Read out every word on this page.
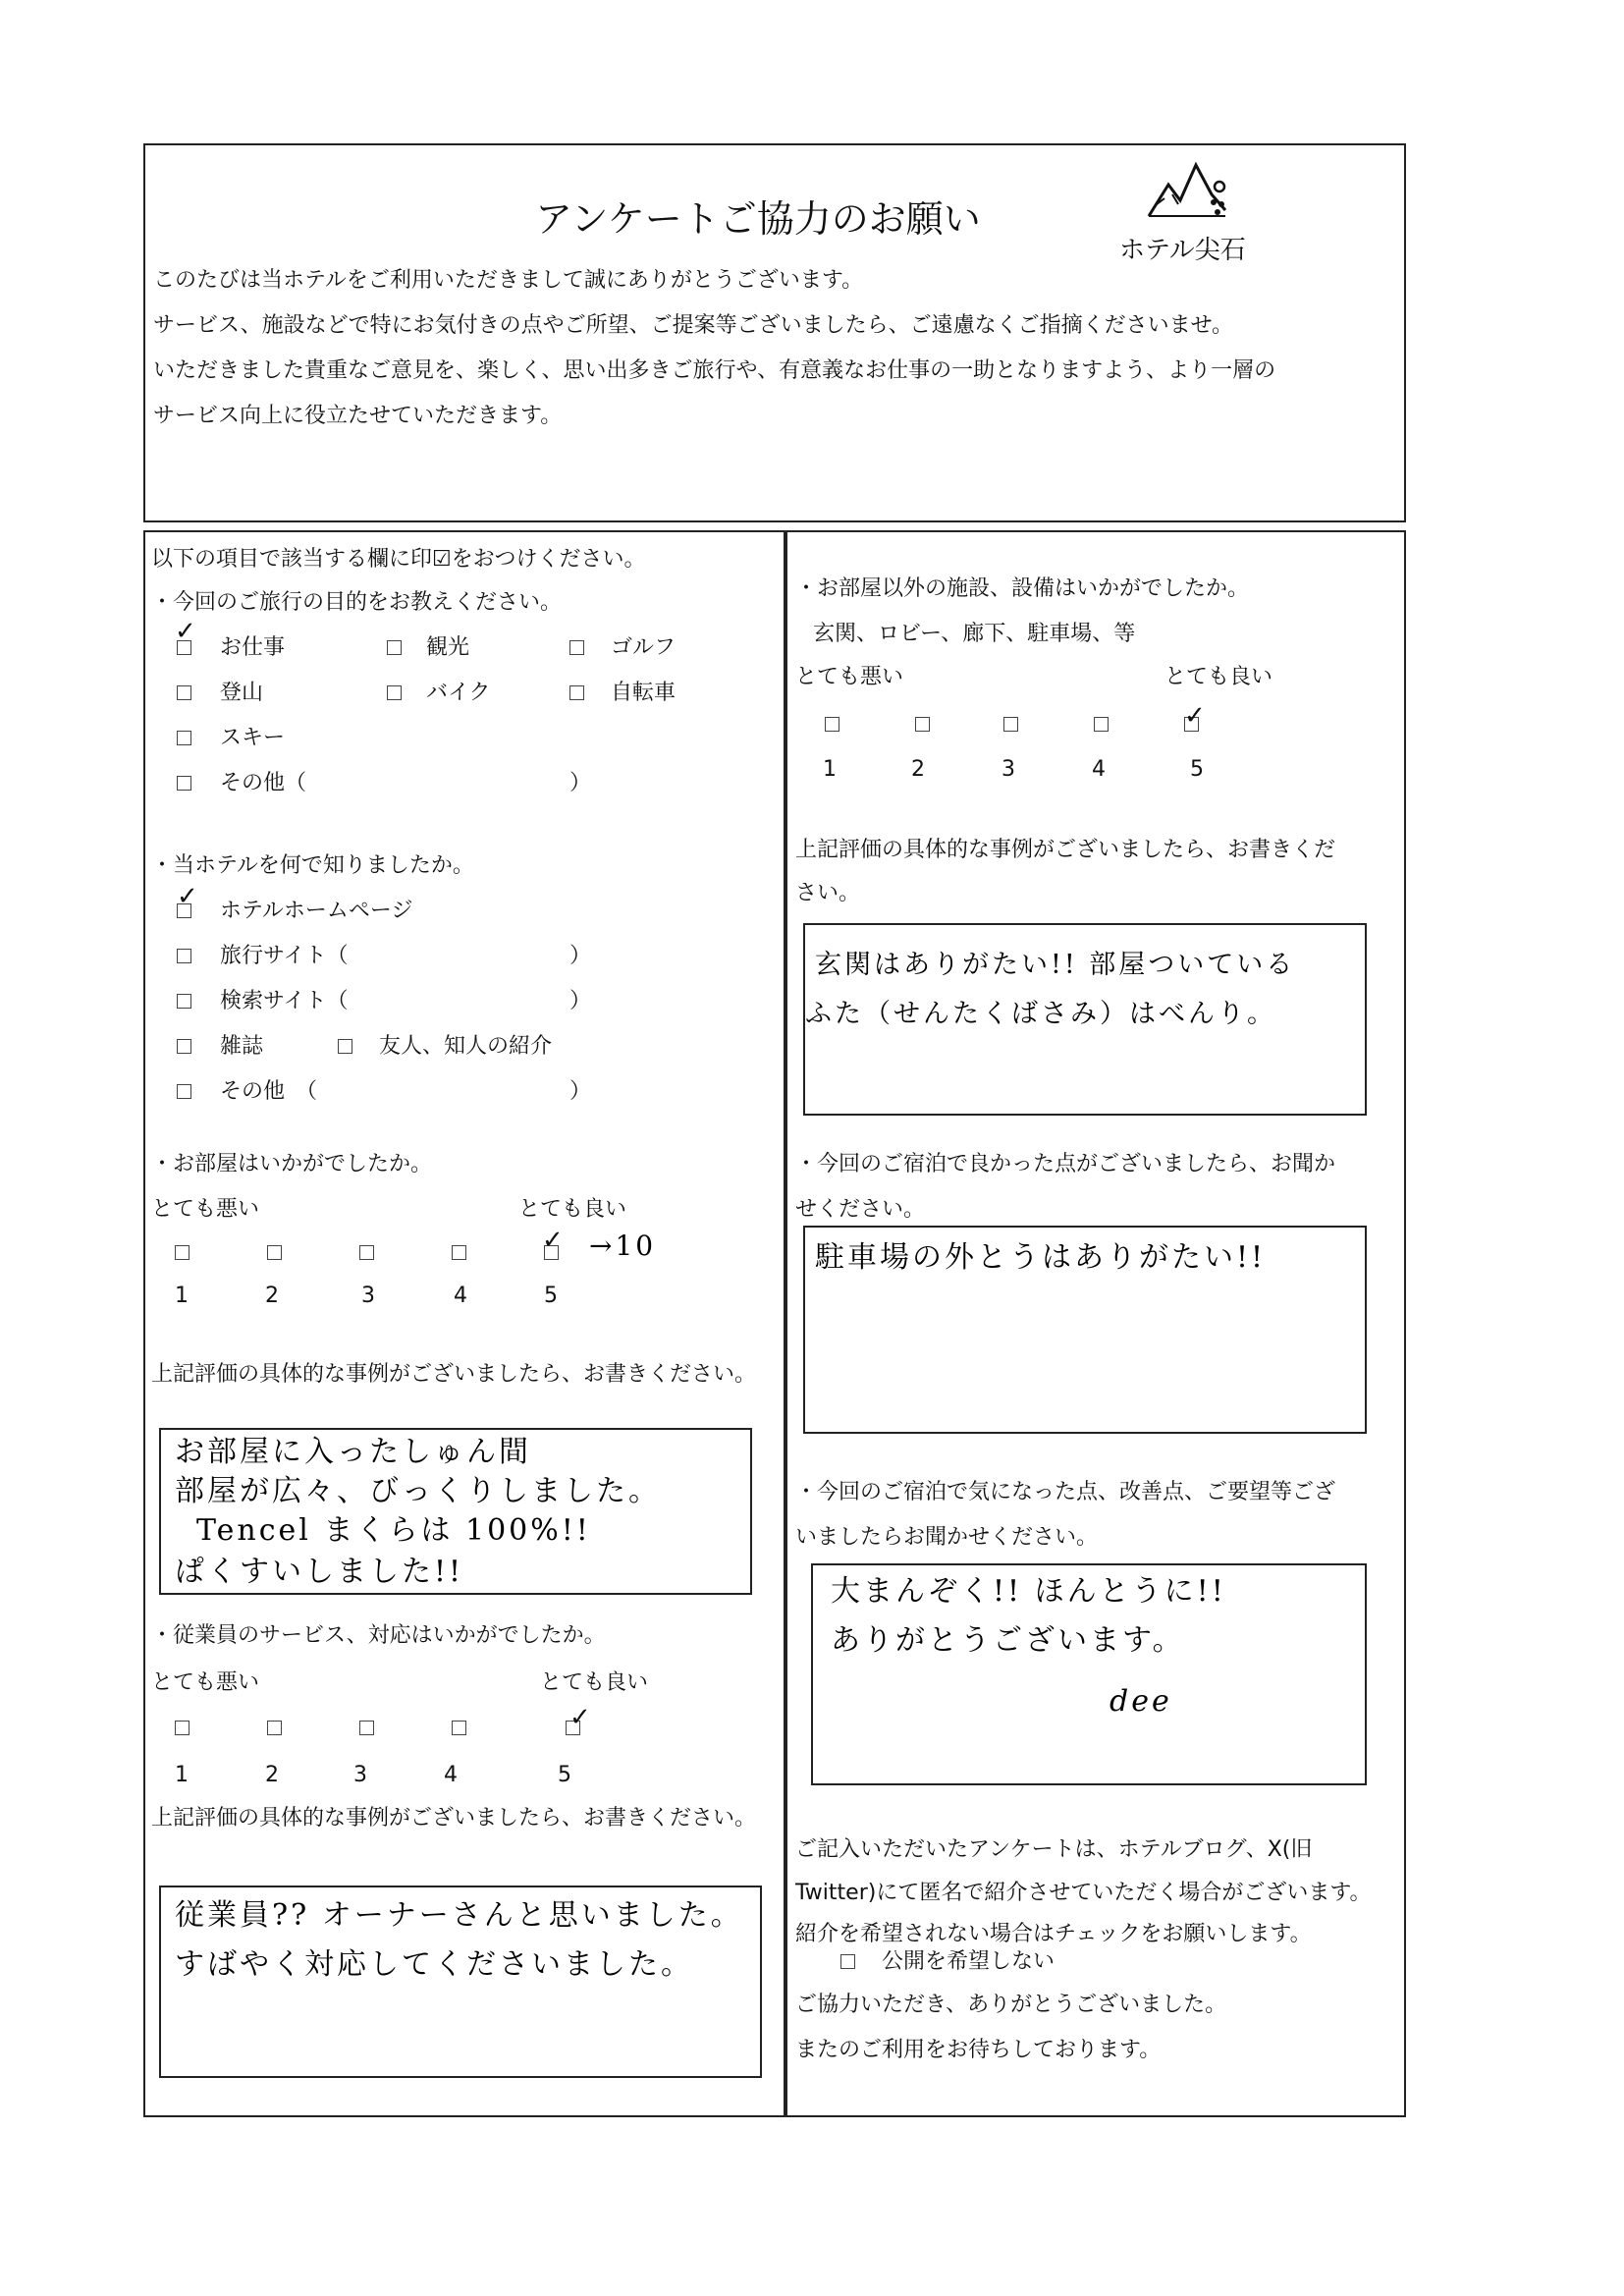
アンケートご協力のお願い
ホテル尖石
このたびは当ホテルをご利用いただきまして誠にありがとうございます。
サービス、施設などで特にお気付きの点やご所望、ご提案等ございましたら、ご遠慮なくご指摘くださいませ。
いただきました貴重なご意見を、楽しく、思い出多きご旅行や、有意義なお仕事の一助となりますよう、より一層の
サービス向上に役立たせていただきます。
以下の項目で該当する欄に印☑をおつけください。
・今回のご旅行の目的をお教えください。
✓
お仕事	観光	ゴルフ
登山	バイク	自転車
スキー
その他（	）
・当ホテルを何で知りましたか。
✓ ホテルホームページ
旅行サイト（	）
検索サイト（	）
雑誌	友人、知人の紹介
その他　（	）
・お部屋はいかがでしたか。
とても悪い	とても良い
✓ →10
1	2	3	4	5
上記評価の具体的な事例がございましたら、お書きください。
お部屋に入ったしゅん間
部屋が広々、びっくりしました。
Tencel まくらは 100%!!
ぱくすいしました!!
・従業員のサービス、対応はいかがでしたか。
とても悪い	とても良い
✓
1	2	3	4	5
上記評価の具体的な事例がございましたら、お書きください。
従業員?? オーナーさんと思いました。
すばやく対応してくださいました。
・お部屋以外の施設、設備はいかがでしたか。
玄関、ロビー、廊下、駐車場、等
とても悪い	とても良い
✓
1	2	3	4	5
上記評価の具体的な事例がございましたら、お書きくだ
さい。
玄関はありがたい!! 部屋ついている
ふた（せんたくばさみ）はべんり。
・今回のご宿泊で良かった点がございましたら、お聞か
せください。
駐車場の外とうはありがたい!!
・今回のご宿泊で気になった点、改善点、ご要望等ござ
いましたらお聞かせください。
大まんぞく!! ほんとうに!!
ありがとうございます。
dee
ご記入いただいたアンケートは、ホテルブログ、X(旧
Twitter)にて匿名で紹介させていただく場合がございます。
紹介を希望されない場合はチェックをお願いします。
公開を希望しない
ご協力いただき、ありがとうございました。
またのご利用をお待ちしております。
